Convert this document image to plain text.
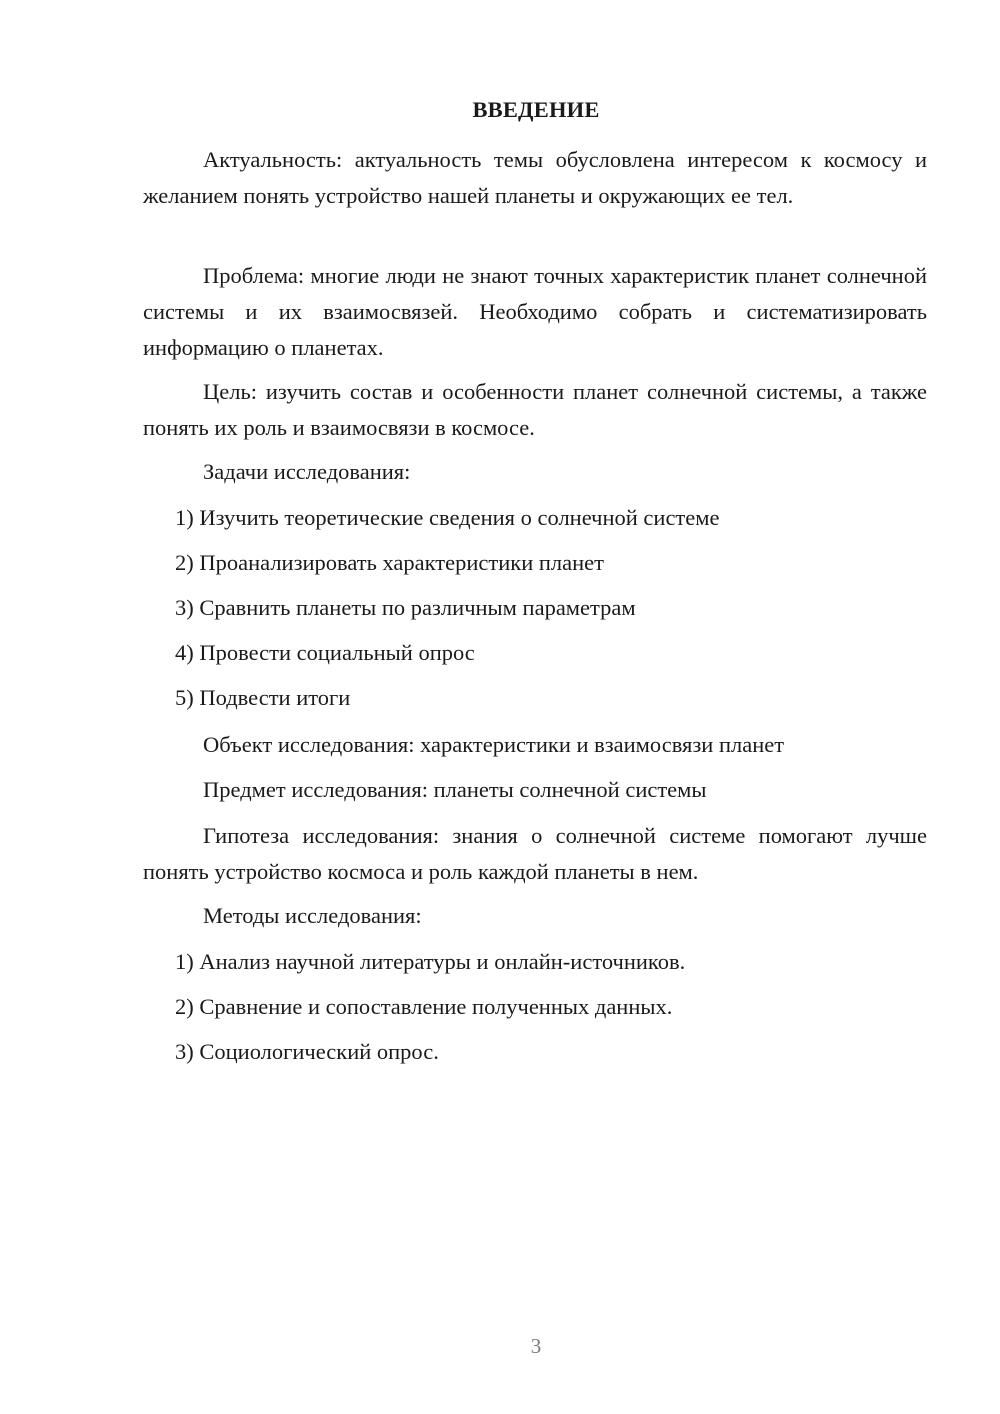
ВВЕДЕНИЕ

Актуальность: актуальность темы обусловлена интересом к космосу и желанием понять устройство нашей планеты и окружающих ее тел.

Проблема: многие люди не знают точных характеристик планет солнечной системы и их взаимосвязей. Необходимо собрать и систематизировать информацию о планетах.

Цель: изучить состав и особенности планет солнечной системы, а также понять их роль и взаимосвязи в космосе.

Задачи исследования:

1) Изучить теоретические сведения о солнечной системе

2) Проанализировать характеристики планет

3) Сравнить планеты по различным параметрам

4) Провести социальный опрос

5) Подвести итоги

Объект исследования: характеристики и взаимосвязи планет

Предмет исследования: планеты солнечной системы

Гипотеза исследования: знания о солнечной системе помогают лучше понять устройство космоса и роль каждой планеты в нем.

Методы исследования:

1) Анализ научной литературы и онлайн-источников.

2) Сравнение и сопоставление полученных данных.

3) Социологический опрос.

3
